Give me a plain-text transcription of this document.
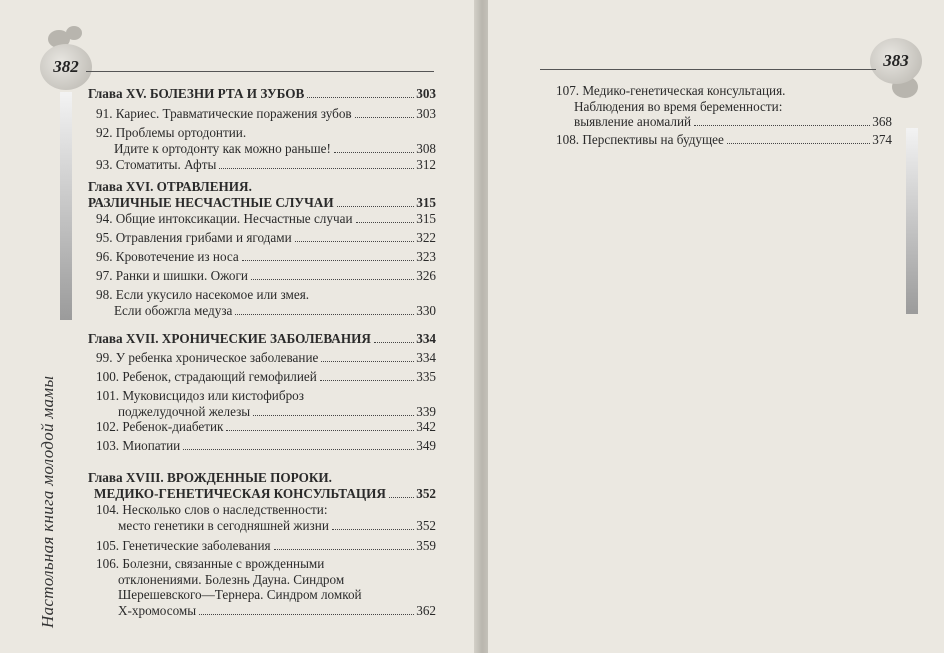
382
Настольная книга молодой мамы
Глава XV. БОЛЕЗНИ РТА И ЗУБОВ	303
91. Кариес. Травматические поражения зубов	303
92. Проблемы ортодонтии.
Идите к ортодонту как можно раньше!	308
93. Стоматиты. Афты	312
Глава XVI. ОТРАВЛЕНИЯ.
РАЗЛИЧНЫЕ НЕСЧАСТНЫЕ СЛУЧАИ	315
94. Общие интоксикации. Несчастные случаи	315
95. Отравления грибами и ягодами	322
96. Кровотечение из носа	323
97. Ранки и шишки. Ожоги	326
98. Если укусило насекомое или змея.
Если обожгла медуза	330
Глава XVII. ХРОНИЧЕСКИЕ ЗАБОЛЕВАНИЯ	334
99. У ребенка хроническое заболевание	334
100. Ребенок, страдающий гемофилией	335
101. Муковисцидоз или кистофиброз
поджелудочной железы	339
102. Ребенок-диабетик	342
103. Миопатии	349
Глава XVIII. ВРОЖДЕННЫЕ ПОРОКИ.
МЕДИКО-ГЕНЕТИЧЕСКАЯ КОНСУЛЬТАЦИЯ 352
104. Несколько слов о наследственности:
место генетики в сегодняшней жизни	352
105. Генетические заболевания	359
106. Болезни, связанные с врожденными
отклонениями. Болезнь Дауна. Синдром
Шерешевского—Тернера. Синдром ломкой
Х-хромосомы	362
383
107. Медико-генетическая консультация.
Наблюдения во время беременности:
выявление аномалий	368
108. Перспективы на будущее	374
